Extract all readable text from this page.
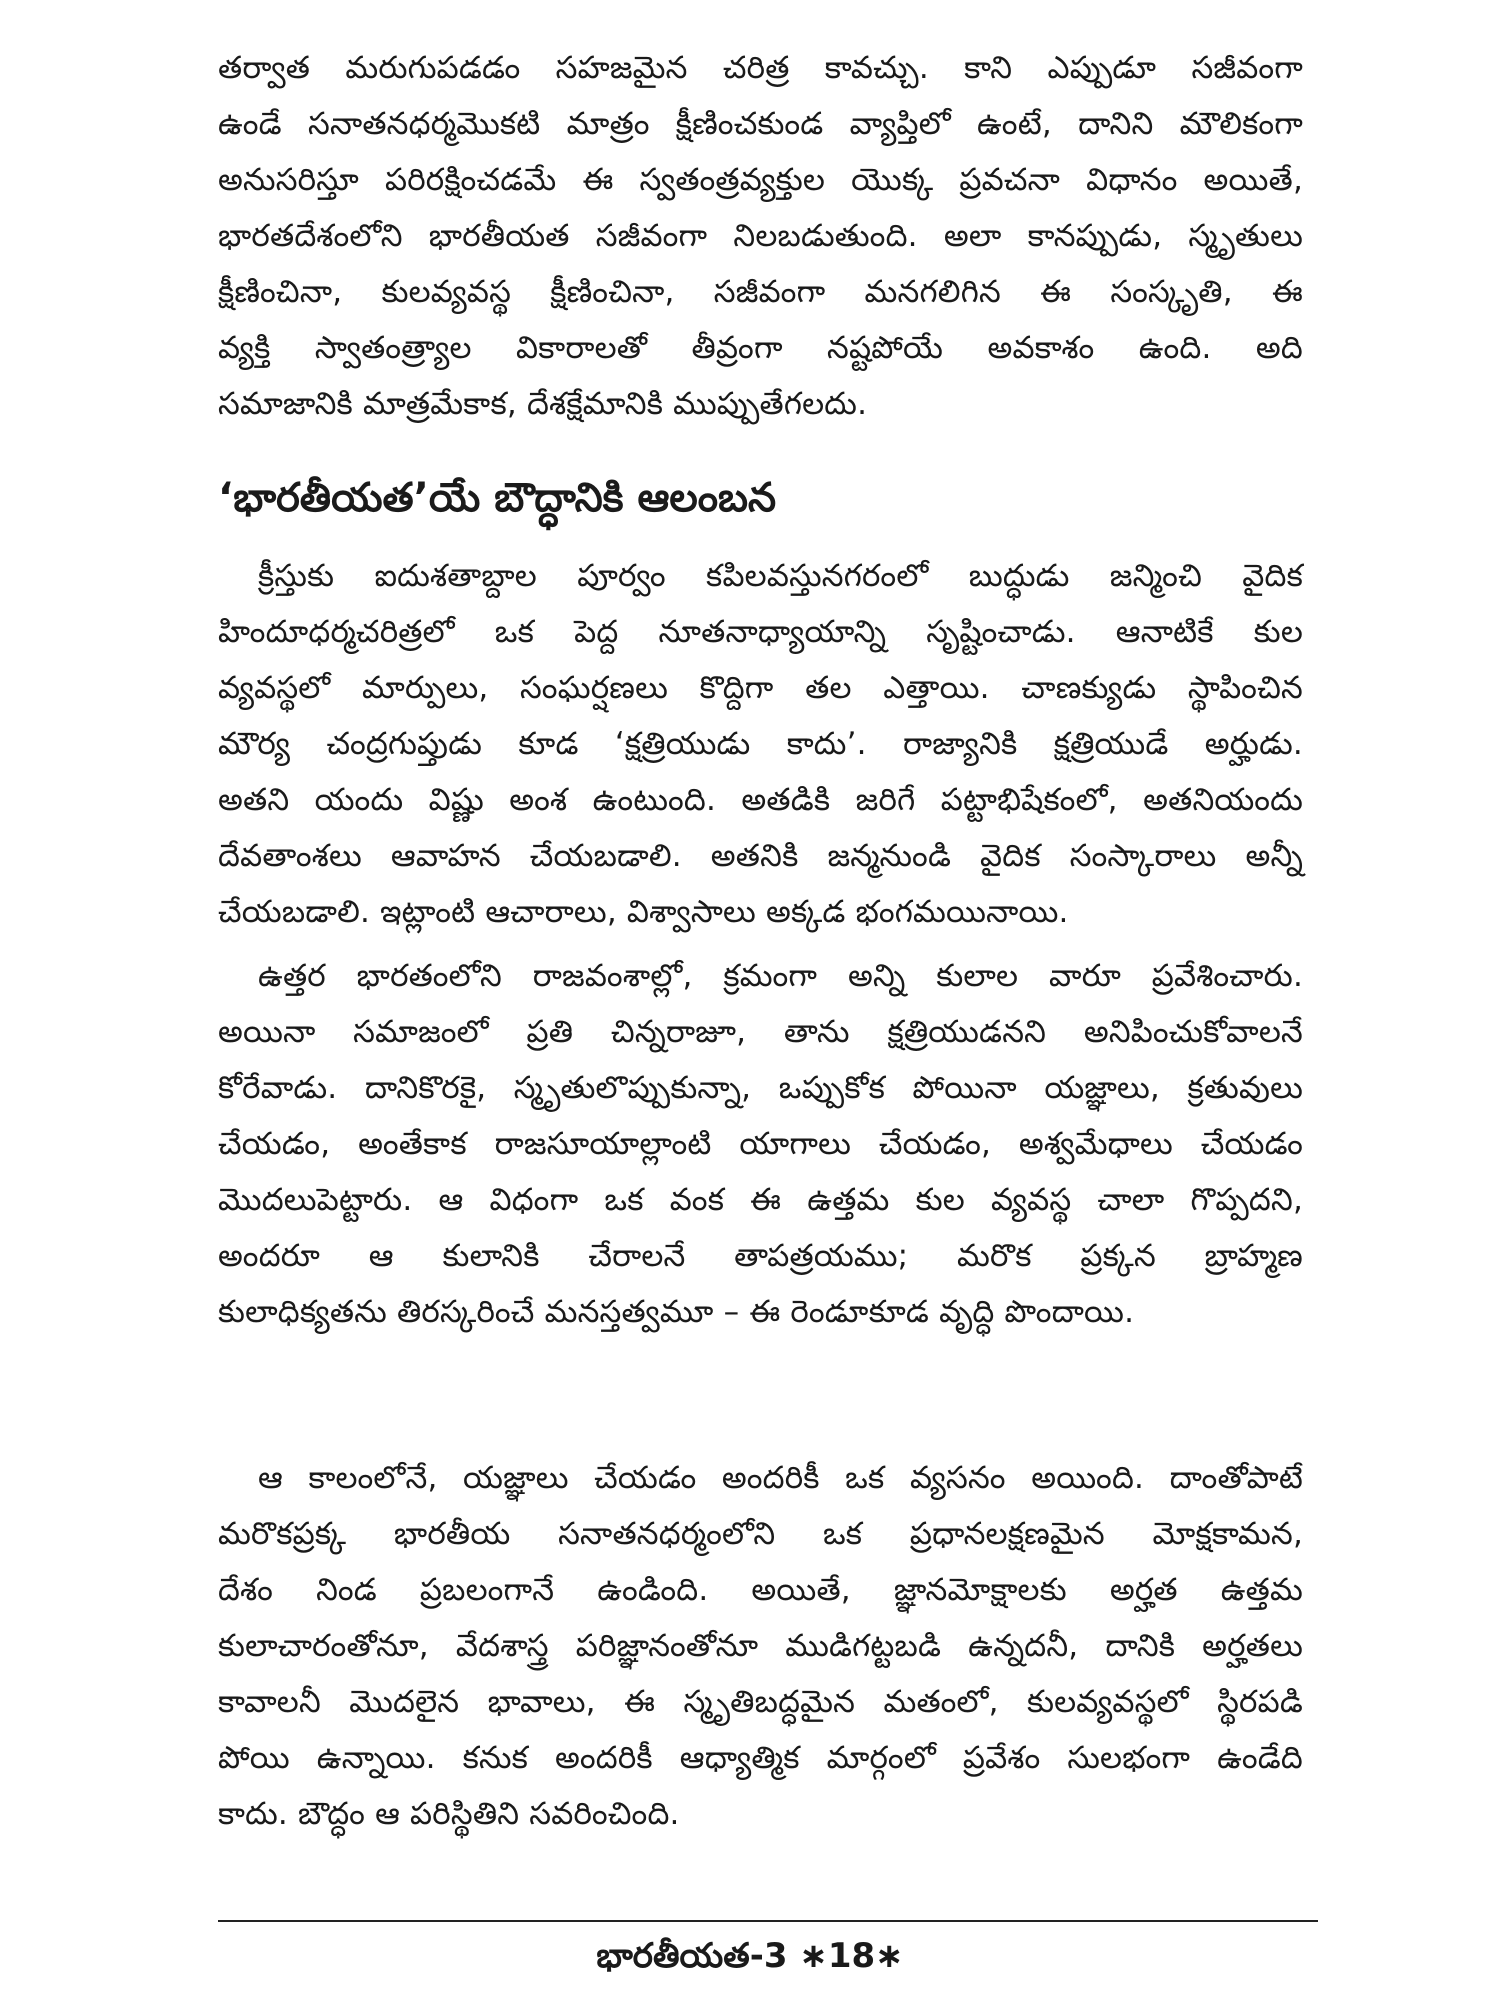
తర్వాత మరుగుపడడం సహజమైన చరిత్ర కావచ్చు. కాని ఎప్పుడూ సజీవంగా
ఉండే సనాతనధర్మమొకటి మాత్రం క్షీణించకుండ వ్యాప్తిలో ఉంటే, దానిని మౌలికంగా
అనుసరిస్తూ పరిరక్షించడమే ఈ స్వతంత్రవ్యక్తుల యొక్క ప్రవచనా విధానం అయితే,
భారతదేశంలోని భారతీయత సజీవంగా నిలబడుతుంది. అలా కానప్పుడు, స్మృతులు
క్షీణించినా, కులవ్యవస్థ క్షీణించినా, సజీవంగా మనగలిగిన ఈ సంస్కృతి, ఈ
వ్యక్తి స్వాతంత్ర్యాల వికారాలతో తీవ్రంగా నష్టపోయే అవకాశం ఉంది. అది
సమాజానికి మాత్రమేకాక, దేశక్షేమానికి ముప్పుతేగలదు.
‘భారతీయత’యే బౌద్ధానికి ఆలంబన
క్రీస్తుకు ఐదుశతాబ్దాల పూర్వం కపిలవస్తునగరంలో బుద్ధుడు జన్మించి వైదిక
హిందూధర్మచరిత్రలో ఒక పెద్ద నూతనాధ్యాయాన్ని సృష్టించాడు. ఆనాటికే కుల
వ్యవస్థలో మార్పులు, సంఘర్షణలు కొద్దిగా తల ఎత్తాయి. చాణక్యుడు స్థాపించిన
మౌర్య చంద్రగుప్తుడు కూడ ‘క్షత్రియుడు కాదు’. రాజ్యానికి క్షత్రియుడే అర్హుడు.
అతని యందు విష్ణు అంశ ఉంటుంది. అతడికి జరిగే పట్టాభిషేకంలో, అతనియందు
దేవతాంశలు ఆవాహన చేయబడాలి. అతనికి జన్మనుండి వైదిక సంస్కారాలు అన్నీ
చేయబడాలి. ఇట్లాంటి ఆచారాలు, విశ్వాసాలు అక్కడ భంగమయినాయి.
ఉత్తర భారతంలోని రాజవంశాల్లో, క్రమంగా అన్ని కులాల వారూ ప్రవేశించారు.
అయినా సమాజంలో ప్రతి చిన్నరాజూ, తాను క్షత్రియుడనని అనిపించుకోవాలనే
కోరేవాడు. దానికొరకై, స్మృతులొప్పుకున్నా, ఒప్పుకోక పోయినా యజ్ఞాలు, క్రతువులు
చేయడం, అంతేకాక రాజసూయాల్లాంటి యాగాలు చేయడం, అశ్వమేధాలు చేయడం
మొదలుపెట్టారు. ఆ విధంగా ఒక వంక ఈ ఉత్తమ కుల వ్యవస్థ చాలా గొప్పదని,
అందరూ ఆ కులానికి చేరాలనే తాపత్రయము; మరొక ప్రక్కన బ్రాహ్మణ
కులాధిక్యతను తిరస్కరించే మనస్తత్వమూ – ఈ రెండూకూడ వృద్ధి పొందాయి.
ఆ కాలంలోనే, యజ్ఞాలు చేయడం అందరికీ ఒక వ్యసనం అయింది. దాంతోపాటే
మరొకప్రక్క భారతీయ సనాతనధర్మంలోని ఒక ప్రధానలక్షణమైన మోక్షకామన,
దేశం నిండ ప్రబలంగానే ఉండింది. అయితే, జ్ఞానమోక్షాలకు అర్హత ఉత్తమ
కులాచారంతోనూ, వేదశాస్త్ర పరిజ్ఞానంతోనూ ముడిగట్టబడి ఉన్నదనీ, దానికి అర్హతలు
కావాలనీ మొదలైన భావాలు, ఈ స్మృతిబద్ధమైన మతంలో, కులవ్యవస్థలో స్థిరపడి
పోయి ఉన్నాయి. కనుక అందరికీ ఆధ్యాత్మిక మార్గంలో ప్రవేశం సులభంగా ఉండేది
కాదు. బౌద్ధం ఆ పరిస్థితిని సవరించింది.
భారతీయత-3 ∗18∗
